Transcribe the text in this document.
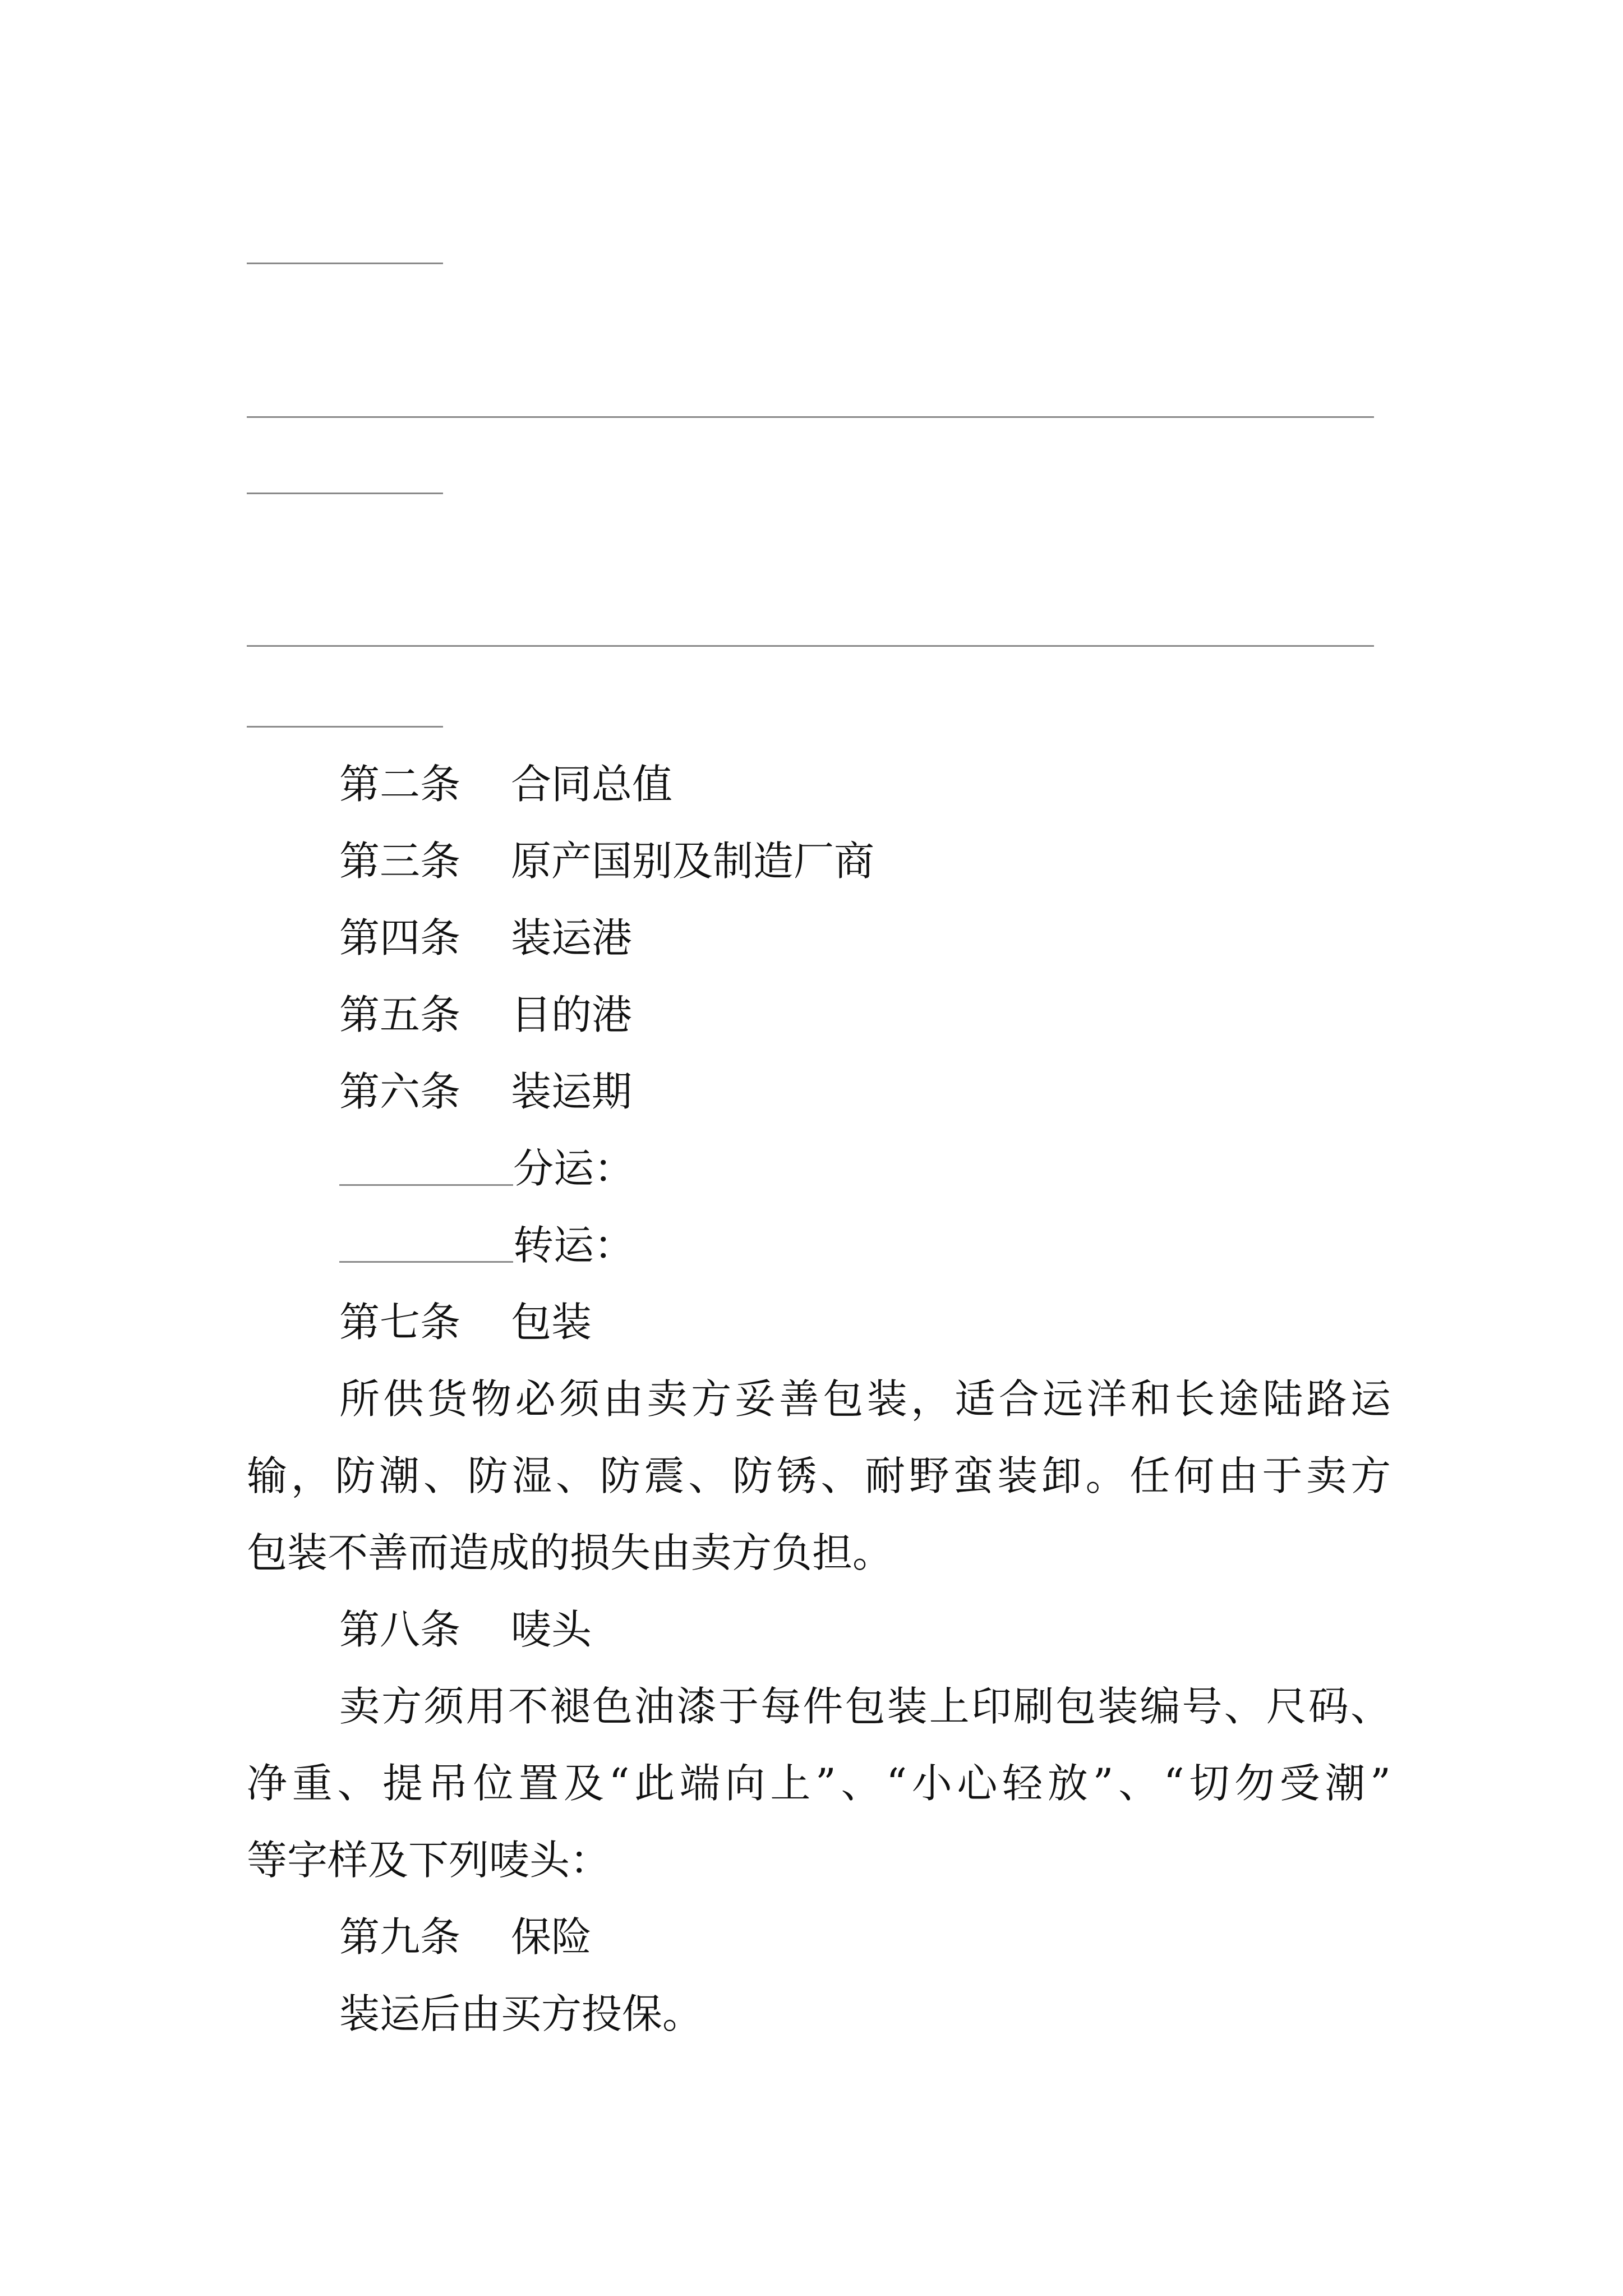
第二条 合同总值
第三条 原产国别及制造厂商
第四条 装运港
第五条 目的港
第六条 装运期
分运：
转运：
第七条 包装
所供货物必须由卖方妥善包装，适合远洋和长途陆路运
输，防潮、防湿、防震、防锈、耐野蛮装卸。任何由于卖方
包装不善而造成的损失由卖方负担。
第八条 唛头
卖方须用不褪色油漆于每件包装上印刷包装编号、尺码、
净重、提吊位置及“此端向上”、“小心轻放”、“切勿受潮”
等字样及下列唛头：
第九条 保险
装运后由买方投保。
